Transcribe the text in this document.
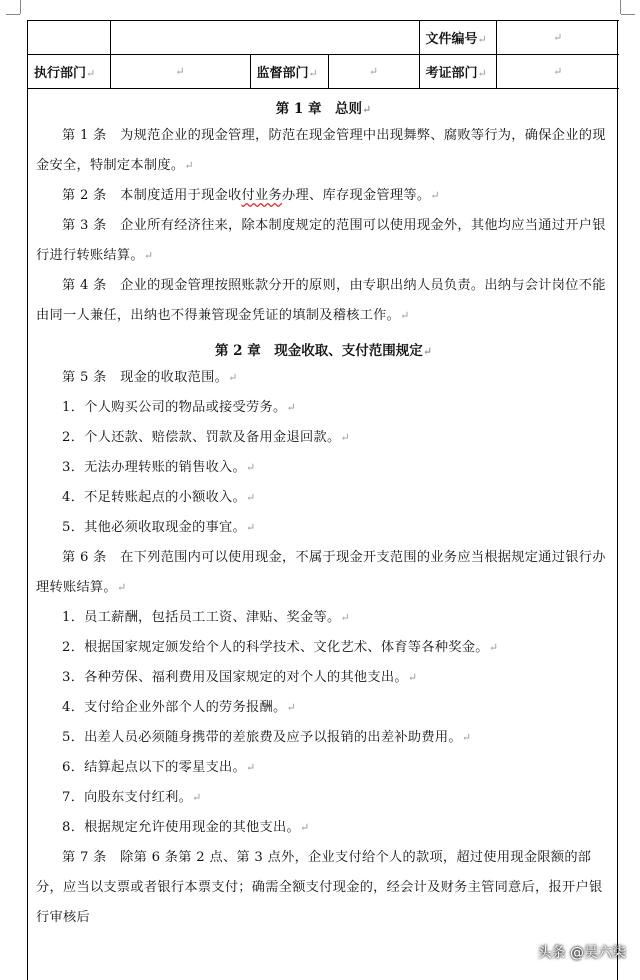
				文件编号↵	↵
执行部门↵	↵	监督部门↵	↵	考证部门↵	↵
第 1 章　总则↵

第 1 条　 为规范企业的现金管理，防范在现金管理中出现舞弊、腐败等行为，确保企业的现金安全，特制定本制度。↵

第 2 条　 本制度适用于现金收付业务办理、库存现金管理等。↵

第 3 条　 企业所有经济往来，除本制度规定的范围可以使用现金外，其他均应当通过开户银行进行转账结算。↵

第 4 条　 企业的现金管理按照账款分开的原则，由专职出纳人员负责。出纳与会计岗位不能由同一人兼任，出纳也不得兼管现金凭证的填制及稽核工作。↵

第 2 章　现金收取、支付范围规定↵

第 5 条　 现金的收取范围。↵

1．个人购买公司的物品或接受劳务。↵

2．个人还款、赔偿款、罚款及备用金退回款。↵

3．无法办理转账的销售收入。↵

4．不足转账起点的小额收入。↵

5．其他必须收取现金的事宜。↵

第 6 条　 在下列范围内可以使用现金，不属于现金开支范围的业务应当根据规定通过银行办理转账结算。↵

1．员工薪酬，包括员工工资、津贴、奖金等。↵

2．根据国家规定颁发给个人的科学技术、文化艺术、体育等各种奖金。↵

3．各种劳保、福利费用及国家规定的对个人的其他支出。↵

4．支付给企业外部个人的劳务报酬。↵

5．出差人员必须随身携带的差旅费及应予以报销的出差补助费用。↵

6．结算起点以下的零星支出。↵

7．向股东支付红利。↵

8．根据规定允许使用现金的其他支出。↵

第 7 条　 除第 6 条第 2 点、第 3 点外，企业支付给个人的款项，超过使用现金限额的部分，应当以支票或者银行本票支付；确需全额支付现金的，经会计及财务主管同意后，报开户银行审核后

头条 @吴六柒
